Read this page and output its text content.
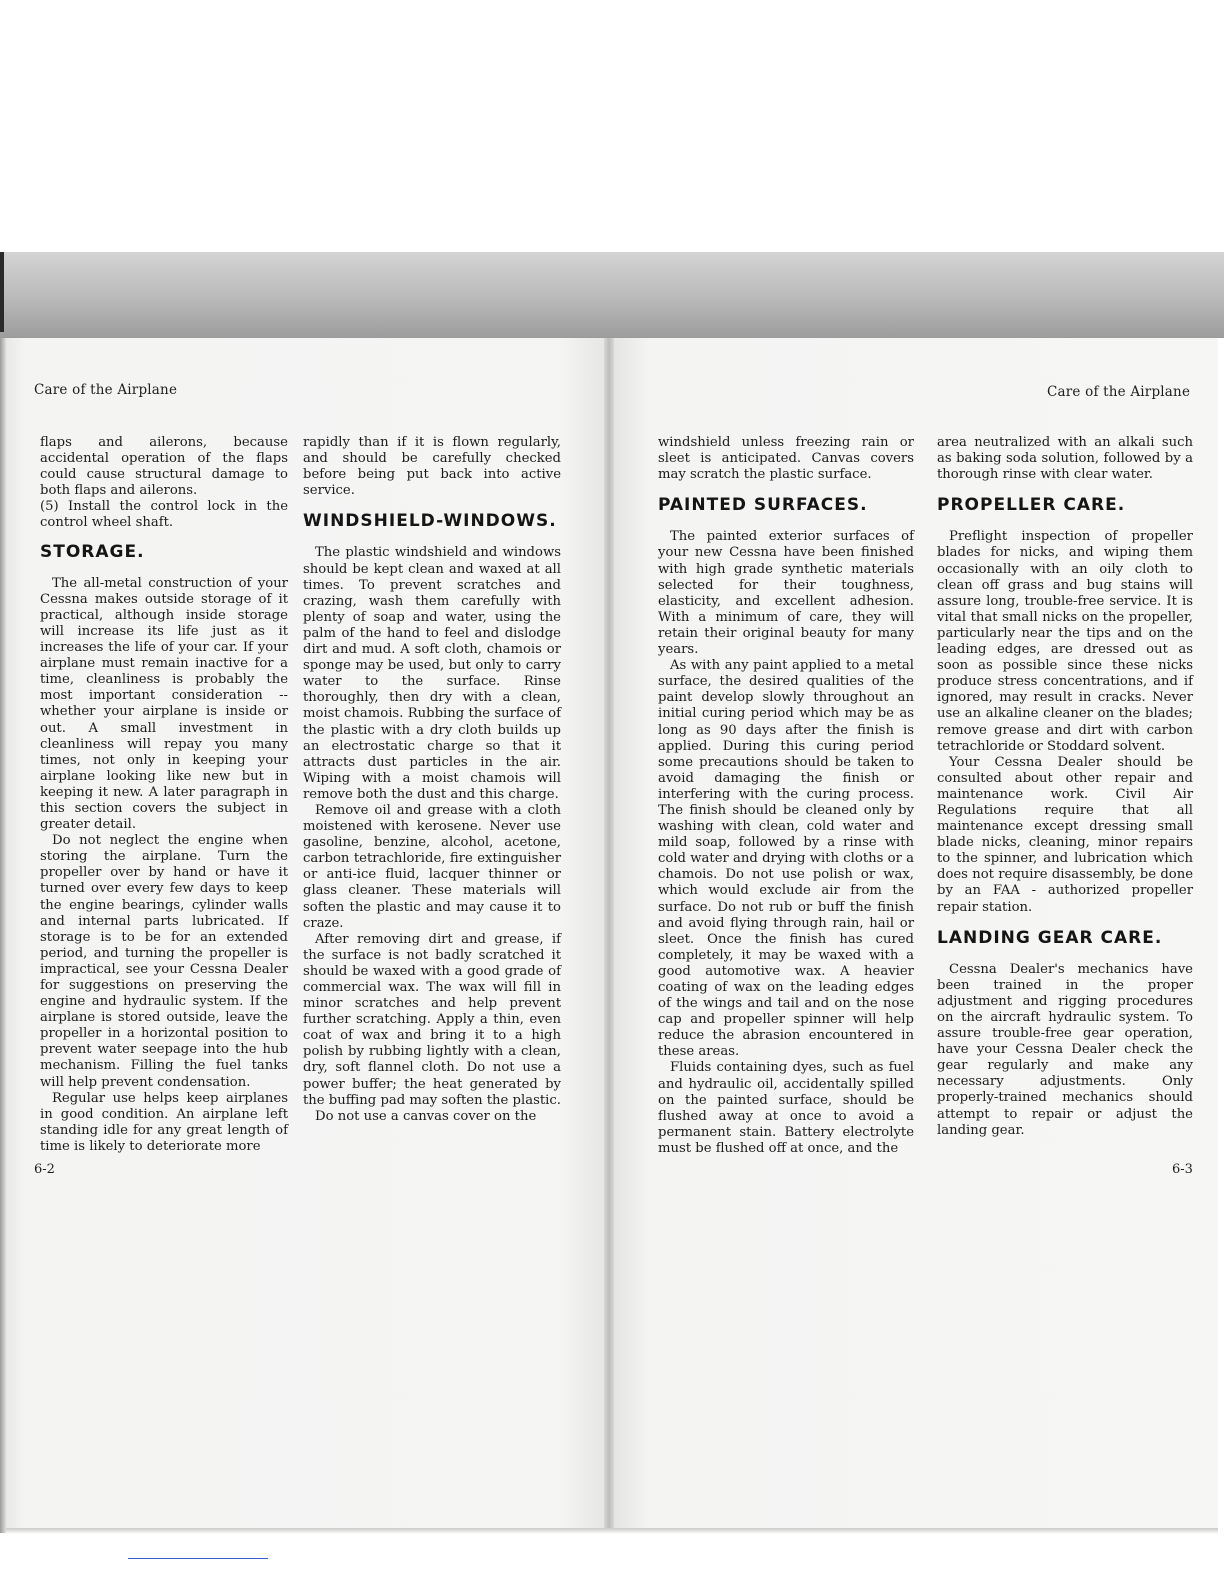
Care of the Airplane

flaps and ailerons, because accidental operation of the flaps could cause structural damage to both flaps and ailerons.

(5) Install the control lock in the control wheel shaft.

STORAGE.

The all-metal construction of your Cessna makes outside storage of it practical, although inside storage will increase its life just as it increases the life of your car. If your airplane must remain inactive for a time, cleanliness is probably the most important consideration -- whether your airplane is inside or out. A small investment in cleanliness will repay you many times, not only in keeping your airplane looking like new but in keeping it new. A later paragraph in this section covers the subject in greater detail.

Do not neglect the engine when storing the airplane. Turn the propeller over by hand or have it turned over every few days to keep the engine bearings, cylinder walls and internal parts lubricated. If storage is to be for an extended period, and turning the propeller is impractical, see your Cessna Dealer for suggestions on preserving the engine and hydraulic system. If the airplane is stored outside, leave the propeller in a horizontal position to prevent water seepage into the hub mechanism. Filling the fuel tanks will help prevent condensation.

Regular use helps keep airplanes in good condition. An airplane left standing idle for any great length of time is likely to deteriorate more

rapidly than if it is flown regularly, and should be carefully checked before being put back into active service.

WINDSHIELD-WINDOWS.

The plastic windshield and windows should be kept clean and waxed at all times. To prevent scratches and crazing, wash them carefully with plenty of soap and water, using the palm of the hand to feel and dislodge dirt and mud. A soft cloth, chamois or sponge may be used, but only to carry water to the surface. Rinse thoroughly, then dry with a clean, moist chamois. Rubbing the surface of the plastic with a dry cloth builds up an electrostatic charge so that it attracts dust particles in the air. Wiping with a moist chamois will remove both the dust and this charge.

Remove oil and grease with a cloth moistened with kerosene. Never use gasoline, benzine, alcohol, acetone, carbon tetrachloride, fire extinguisher or anti-ice fluid, lacquer thinner or glass cleaner. These materials will soften the plastic and may cause it to craze.

After removing dirt and grease, if the surface is not badly scratched it should be waxed with a good grade of commercial wax. The wax will fill in minor scratches and help prevent further scratching. Apply a thin, even coat of wax and bring it to a high polish by rubbing lightly with a clean, dry, soft flannel cloth. Do not use a power buffer; the heat generated by the buffing pad may soften the plastic.

Do not use a canvas cover on the

6-2
Care of the Airplane

windshield unless freezing rain or sleet is anticipated. Canvas covers may scratch the plastic surface.

PAINTED SURFACES.

The painted exterior surfaces of your new Cessna have been finished with high grade synthetic materials selected for their toughness, elasticity, and excellent adhesion. With a minimum of care, they will retain their original beauty for many years.

As with any paint applied to a metal surface, the desired qualities of the paint develop slowly throughout an initial curing period which may be as long as 90 days after the finish is applied. During this curing period some precautions should be taken to avoid damaging the finish or interfering with the curing process. The finish should be cleaned only by washing with clean, cold water and mild soap, followed by a rinse with cold water and drying with cloths or a chamois. Do not use polish or wax, which would exclude air from the surface. Do not rub or buff the finish and avoid flying through rain, hail or sleet. Once the finish has cured completely, it may be waxed with a good automotive wax. A heavier coating of wax on the leading edges of the wings and tail and on the nose cap and propeller spinner will help reduce the abrasion encountered in these areas.

Fluids containing dyes, such as fuel and hydraulic oil, accidentally spilled on the painted surface, should be flushed away at once to avoid a permanent stain. Battery electrolyte must be flushed off at once, and the

area neutralized with an alkali such as baking soda solution, followed by a thorough rinse with clear water.

PROPELLER CARE.

Preflight inspection of propeller blades for nicks, and wiping them occasionally with an oily cloth to clean off grass and bug stains will assure long, trouble-free service. It is vital that small nicks on the propeller, particularly near the tips and on the leading edges, are dressed out as soon as possible since these nicks produce stress concentrations, and if ignored, may result in cracks. Never use an alkaline cleaner on the blades; remove grease and dirt with carbon tetrachloride or Stoddard solvent.

Your Cessna Dealer should be consulted about other repair and maintenance work. Civil Air Regulations require that all maintenance except dressing small blade nicks, cleaning, minor repairs to the spinner, and lubrication which does not require disassembly, be done by an FAA - authorized propeller repair station.

LANDING GEAR CARE.

Cessna Dealer's mechanics have been trained in the proper adjustment and rigging procedures on the aircraft hydraulic system. To assure trouble-free gear operation, have your Cessna Dealer check the gear regularly and make any necessary adjustments. Only properly-trained mechanics should attempt to repair or adjust the landing gear.

6-3
